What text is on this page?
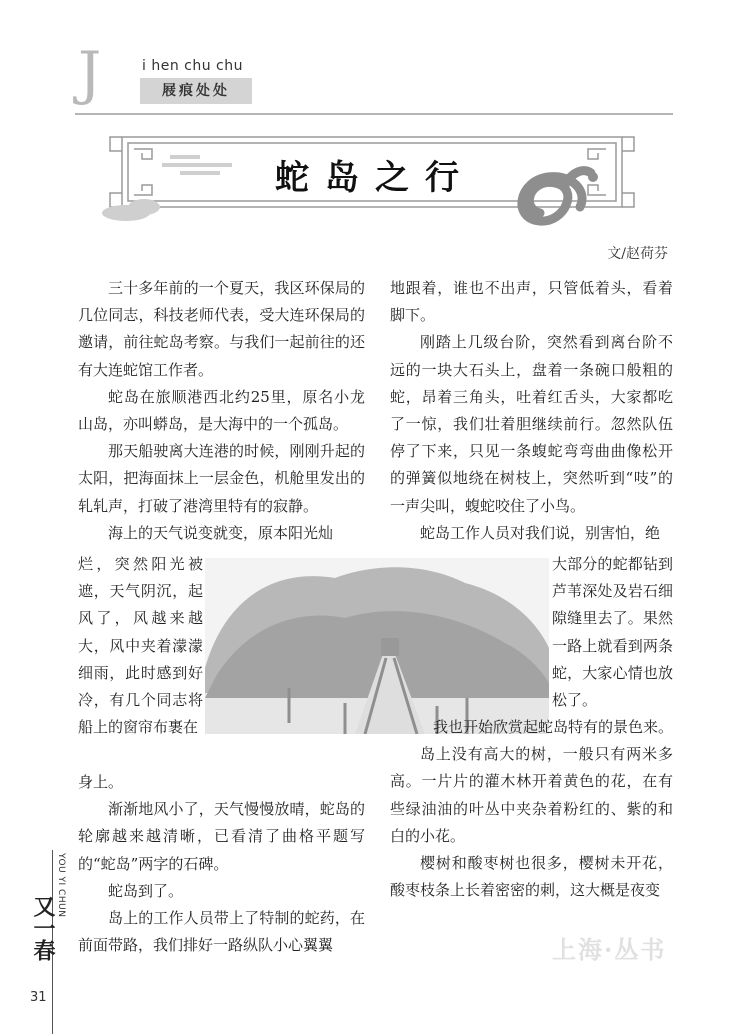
J	i hen chu chu
屐痕处处
蛇岛之行
文/赵荷芬

三十多年前的一个夏天，我区环保局的几位同志，科技老师代表，受大连环保局的邀请，前往蛇岛考察。与我们一起前往的还有大连蛇馆工作者。

蛇岛在旅顺港西北约25里，原名小龙山岛，亦叫蟒岛，是大海中的一个孤岛。

那天船驶离大连港的时候，刚刚升起的太阳，把海面抹上一层金色，机舱里发出的轧轧声，打破了港湾里特有的寂静。

海上的天气说变就变，原本阳光灿

地跟着，谁也不出声，只管低着头，看着脚下。

刚踏上几级台阶，突然看到离台阶不远的一块大石头上，盘着一条碗口般粗的蛇，昂着三角头，吐着红舌头，大家都吃了一惊，我们壮着胆继续前行。忽然队伍停了下来，只见一条蝮蛇弯弯曲曲像松开的弹簧似地绕在树枝上，突然听到“吱”的一声尖叫，蝮蛇咬住了小鸟。

蛇岛工作人员对我们说，别害怕，绝

烂，突然阳光被遮，天气阴沉，起风了，风越来越大，风中夹着濛濛细雨，此时感到好冷，有几个同志将船上的窗帘布裹在
大部分的蛇都钻到芦苇深处及岩石细隙缝里去了。果然一路上就看到两条蛇，大家心情也放松了。

身上。

渐渐地风小了，天气慢慢放晴，蛇岛的轮廓越来越清晰，已看清了曲格平题写的“蛇岛”两字的石碑。

蛇岛到了。

岛上的工作人员带上了特制的蛇药，在前面带路，我们排好一路纵队小心翼翼

我也开始欣赏起蛇岛特有的景色来。

岛上没有高大的树，一般只有两米多高。一片片的灌木林开着黄色的花，在有些绿油油的叶丛中夹杂着粉红的、紫的和白的小花。

樱树和酸枣树也很多，樱树未开花，酸枣枝条上长着密密的刺，这大概是夜变

上海·丛书
YOU YI CHUN
又一春
31
